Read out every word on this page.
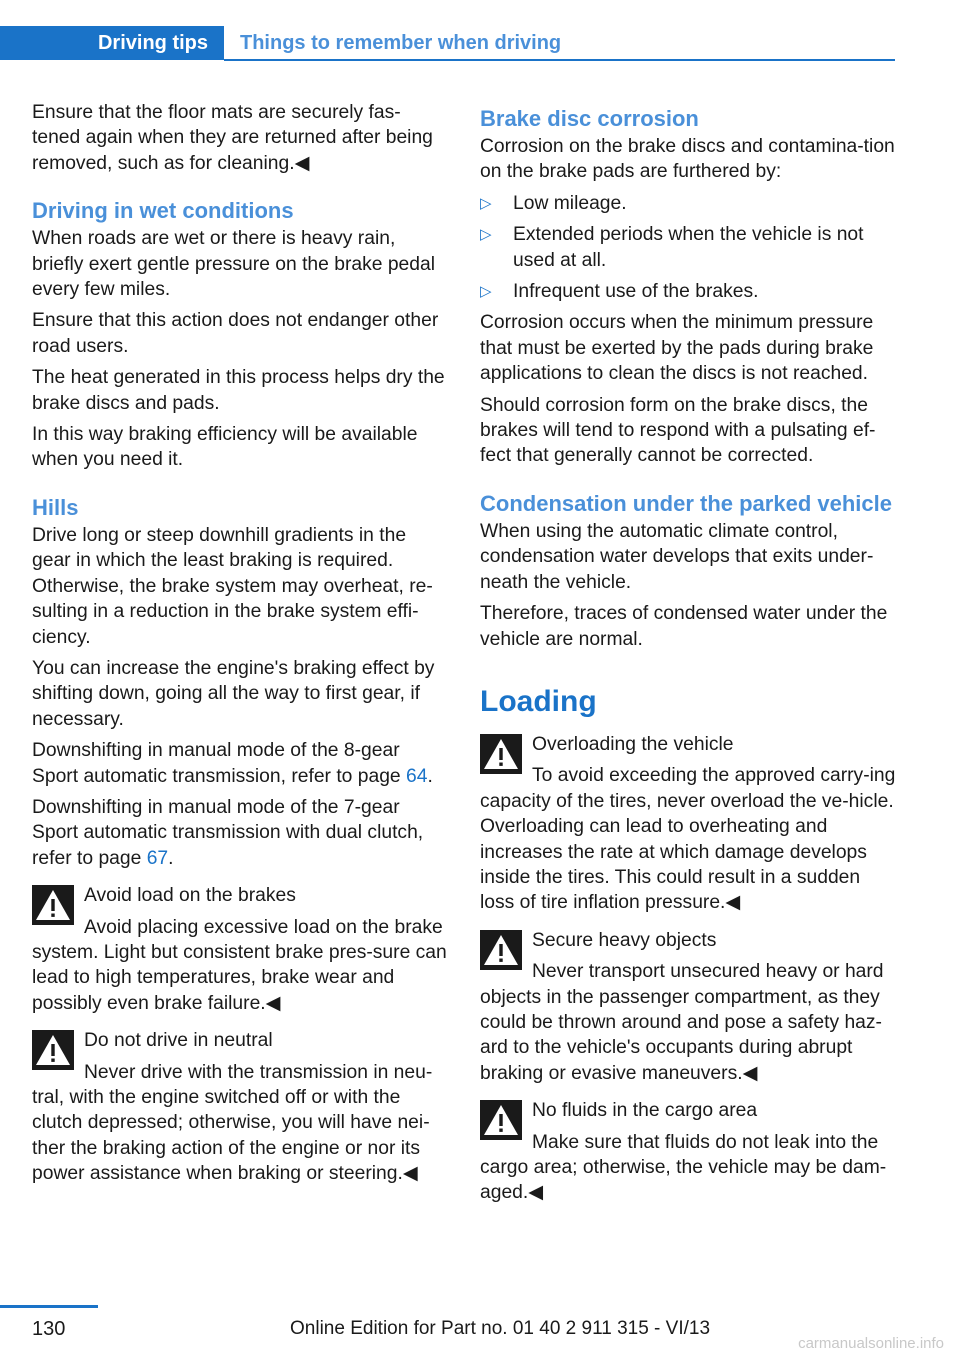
Driving tips	Things to remember when driving

Ensure that the floor mats are securely fas-tened again when they are returned after being removed, such as for cleaning.◀

Driving in wet conditions

When roads are wet or there is heavy rain, briefly exert gentle pressure on the brake pedal every few miles.

Ensure that this action does not endanger other road users.

The heat generated in this process helps dry the brake discs and pads.

In this way braking efficiency will be available when you need it.

Hills

Drive long or steep downhill gradients in the gear in which the least braking is required. Otherwise, the brake system may overheat, re-sulting in a reduction in the brake system effi-ciency.

You can increase the engine's braking effect by shifting down, going all the way to first gear, if necessary.

Downshifting in manual mode of the 8-gear Sport automatic transmission, refer to page 64.

Downshifting in manual mode of the 7-gear Sport automatic transmission with dual clutch, refer to page 67.

Avoid load on the brakes
Avoid placing excessive load on the brake system. Light but consistent brake pres-sure can lead to high temperatures, brake wear and possibly even brake failure.◀
Do not drive in neutral
Never drive with the transmission in neu-tral, with the engine switched off or with the clutch depressed; otherwise, you will have nei-ther the braking action of the engine or nor its power assistance when braking or steering.◀
Brake disc corrosion

Corrosion on the brake discs and contamina-tion on the brake pads are furthered by:

▷ Low mileage.
▷ Extended periods when the vehicle is not used at all.
▷ Infrequent use of the brakes.

Corrosion occurs when the minimum pressure that must be exerted by the pads during brake applications to clean the discs is not reached.

Should corrosion form on the brake discs, the brakes will tend to respond with a pulsating ef-fect that generally cannot be corrected.

Condensation under the parked vehicle

When using the automatic climate control, condensation water develops that exits under-neath the vehicle.

Therefore, traces of condensed water under the vehicle are normal.

Loading
Overloading the vehicle
To avoid exceeding the approved carry-ing capacity of the tires, never overload the ve-hicle. Overloading can lead to overheating and increases the rate at which damage develops inside the tires. This could result in a sudden loss of tire inflation pressure.◀
Secure heavy objects
Never transport unsecured heavy or hard objects in the passenger compartment, as they could be thrown around and pose a safety haz-ard to the vehicle's occupants during abrupt braking or evasive maneuvers.◀
No fluids in the cargo area
Make sure that fluids do not leak into the cargo area; otherwise, the vehicle may be dam-aged.◀
130	Online Edition for Part no. 01 40 2 911 315 - VI/13
carmanualsonline.info
